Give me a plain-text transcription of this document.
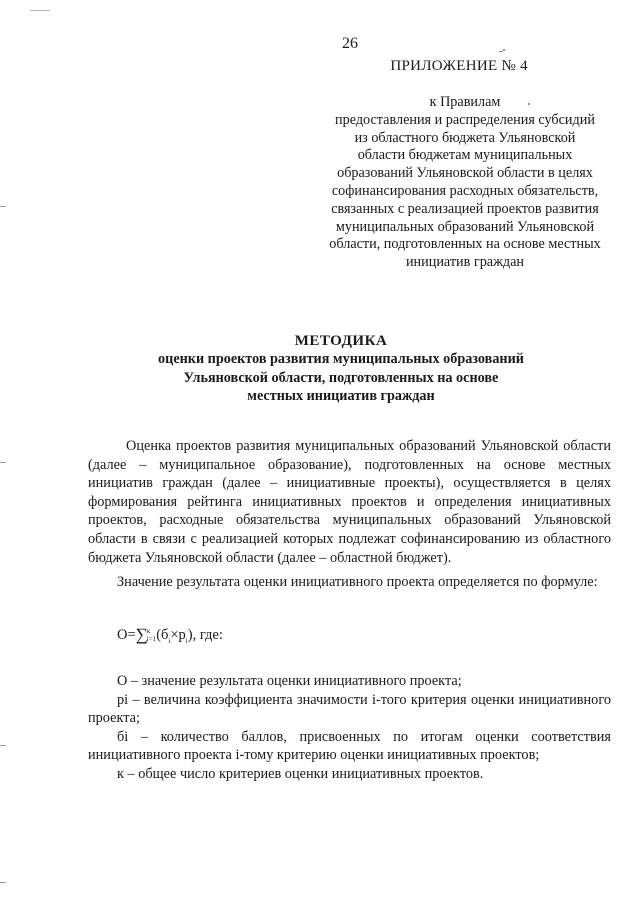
26
ПРИЛОЖЕНИЕ № 4
к Правилам
предоставления и распределения субсидий
из областного бюджета Ульяновской
области бюджетам муниципальных
образований Ульяновской области в целях
софинансирования расходных обязательств,
связанных с реализацией проектов развития
муниципальных образований Ульяновской
области, подготовленных на основе местных
инициатив граждан
МЕТОДИКА
оценки проектов развития муниципальных образований
Ульяновской области, подготовленных на основе
местных инициатив граждан
Оценка проектов развития муниципальных образований Ульяновской области (далее – муниципальное образование), подготовленных на основе местных инициатив граждан (далее – инициативные проекты), осуществляется в целях формирования рейтинга инициативных проектов и определения инициативных проектов, расходные обязательства муниципальных образований Ульяновской области в связи с реализацией которых подлежат софинансированию из областного бюджета Ульяновской области (далее – областной бюджет).
Значение результата оценки инициативного проекта определяется по формуле:
О=∑ к
i=1 $(б_i\times р_i)$, где:

О – значение результата оценки инициативного проекта;

рi – величина коэффициента значимости i-того критерия оценки инициативного проекта;

бi – количество баллов, присвоенных по итогам оценки соответствия инициативного проекта i-тому критерию оценки инициативных проектов;

к – общее число критериев оценки инициативных проектов.
